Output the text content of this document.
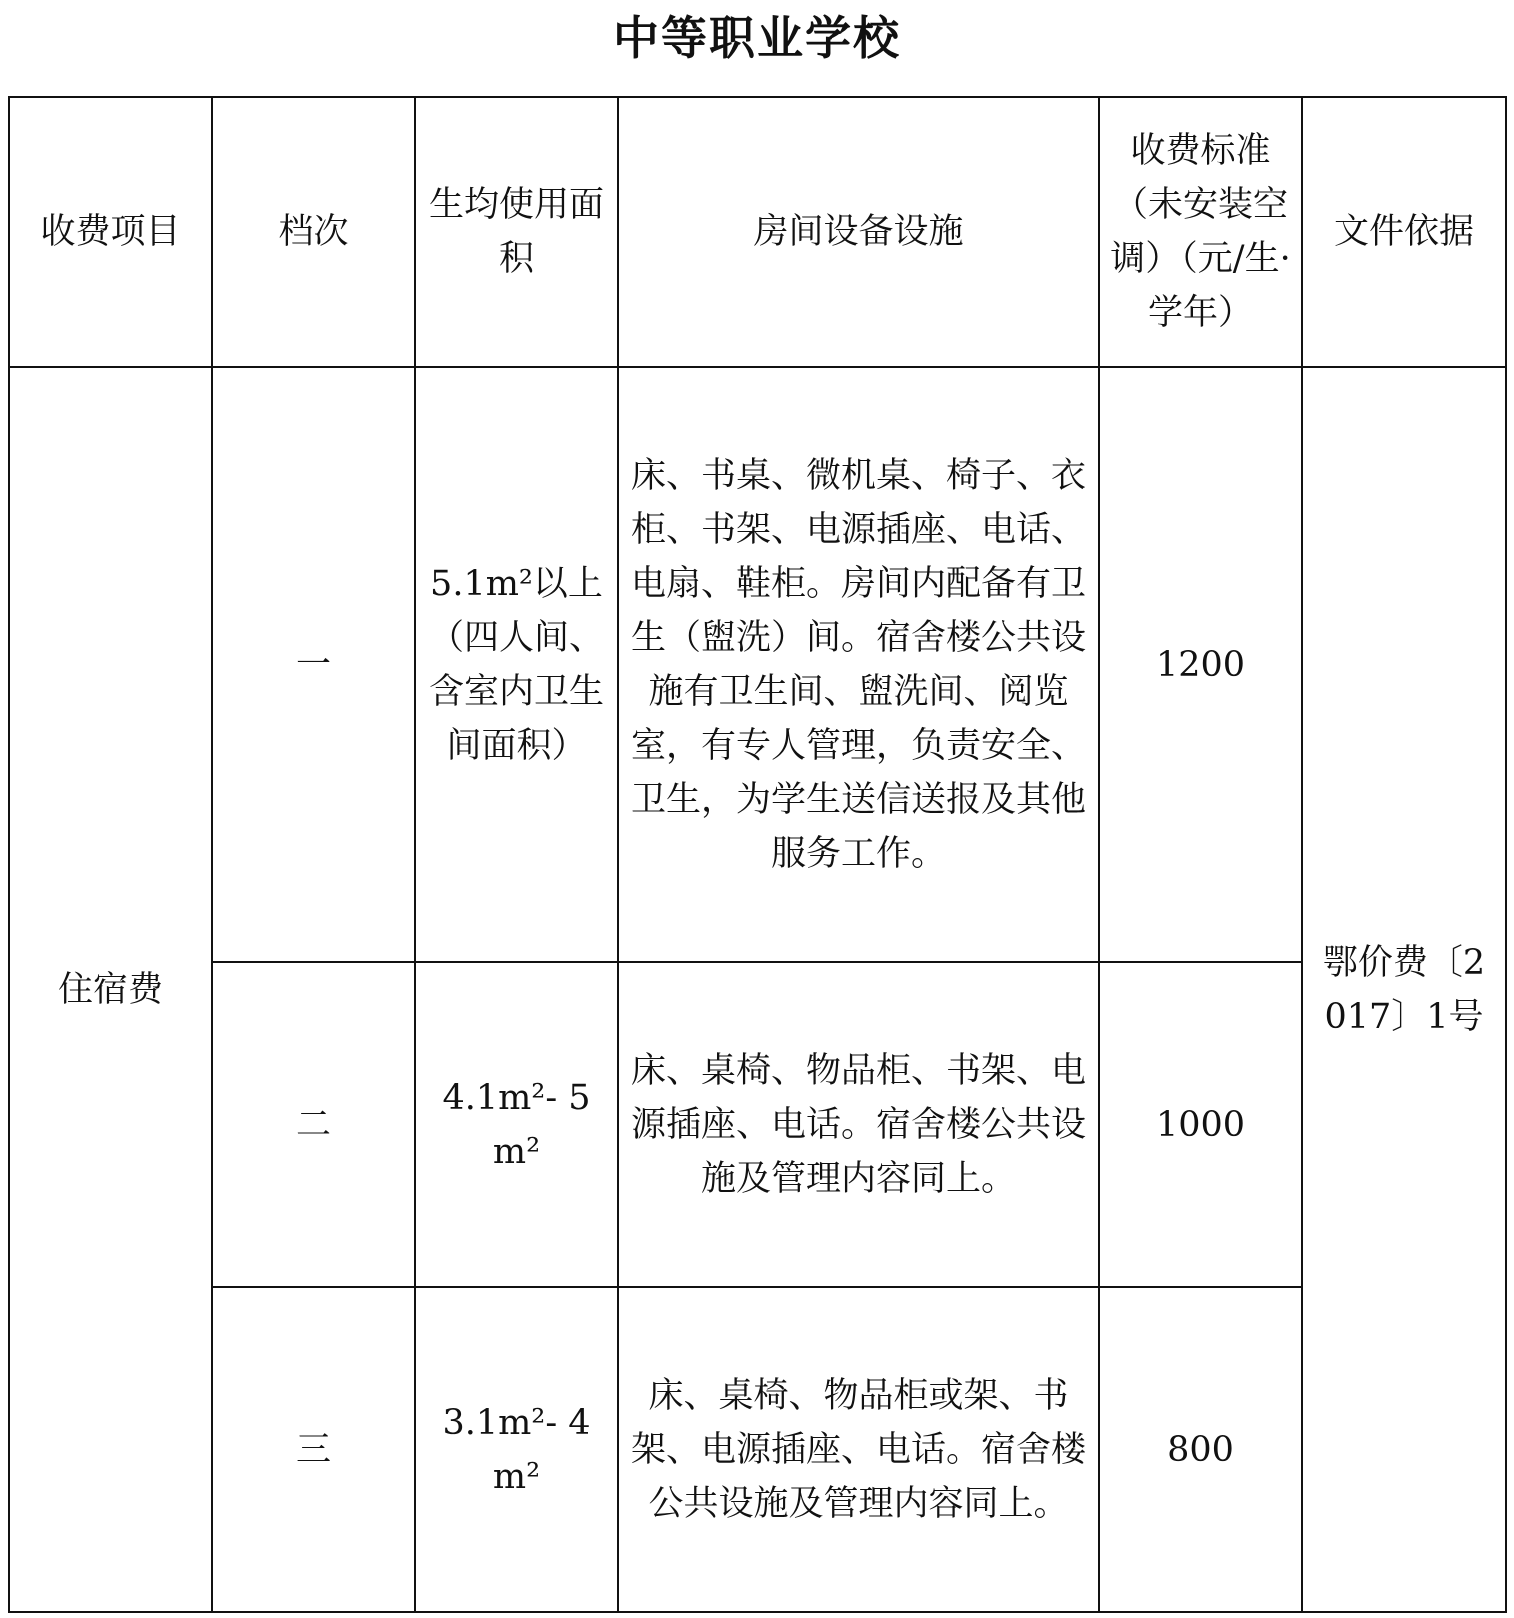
中等职业学校
收费项目	档次	生均使用面积	房间设备设施	收费标准（未安装空调）（元/生·学年）	文件依据
住宿费	一	5.1m²以上（四人间、含室内卫生间面积）	床、书桌、微机桌、椅子、衣柜、书架、电源插座、电话、电扇、鞋柜。房间内配备有卫生（盥洗）间。宿舍楼公共设施有卫生间、盥洗间、阅览室，有专人管理，负责安全、卫生，为学生送信送报及其他服务工作。	1200	鄂价费〔2017〕1号
	二	4.1m²- 5 m²	床、桌椅、物品柜、书架、电源插座、电话。宿舍楼公共设施及管理内容同上。	1000	
	三	3.1m²- 4 m²	床、桌椅、物品柜或架、书架、电源插座、电话。宿舍楼公共设施及管理内容同上。	800	
